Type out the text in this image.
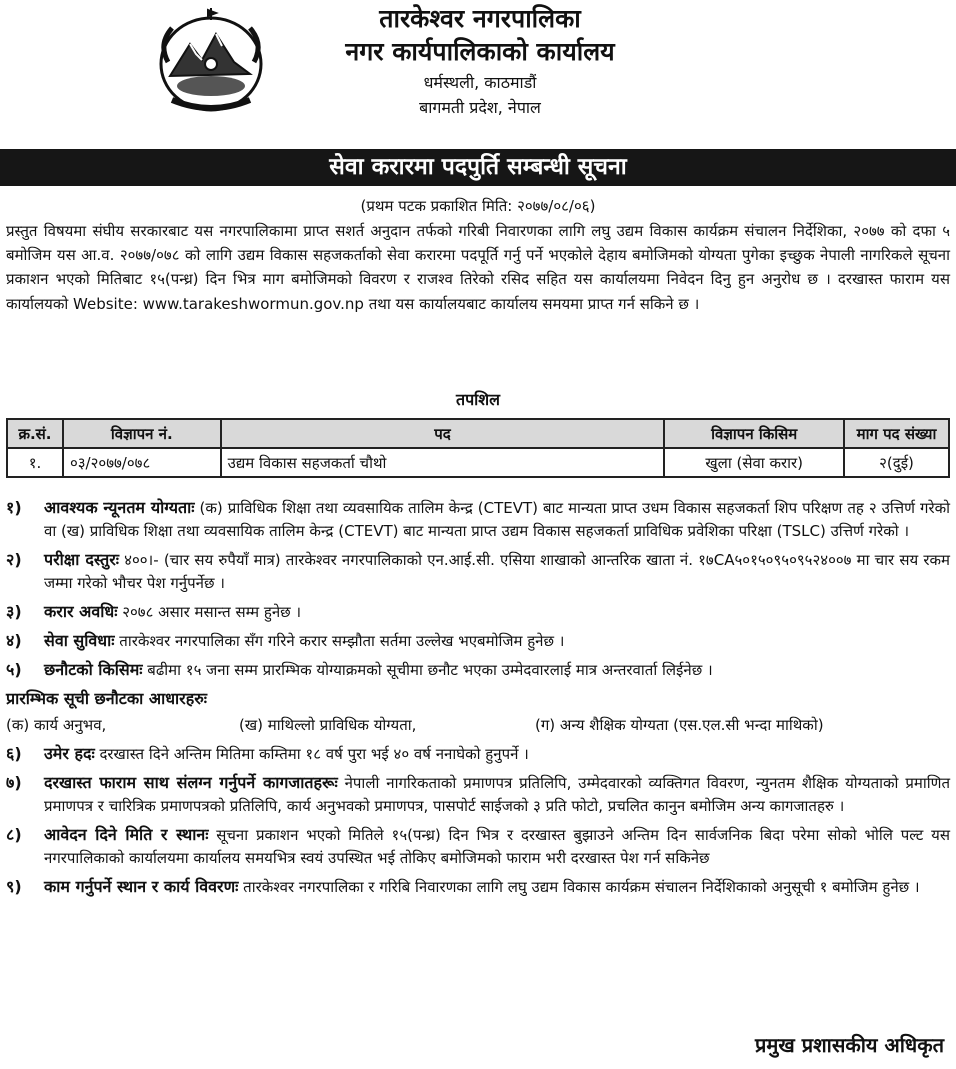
तारकेश्वर नगरपालिका
नगर कार्यपालिकाको कार्यालय
धर्मस्थली, काठमाडौं
बागमती प्रदेश, नेपाल
सेवा करारमा पदपुर्ति सम्बन्धी सूचना
(प्रथम पटक प्रकाशित मिति: २०७७/०८/०६)
प्रस्तुत विषयमा संघीय सरकारबाट यस नगरपालिकामा प्राप्त सशर्त अनुदान तर्फको गरिबी निवारणका लागि लघु उद्यम विकास कार्यक्रम संचालन निर्देशिका, २०७७ को दफा ५ बमोजिम यस आ.व. २०७७/०७८ को लागि उद्यम विकास सहजकर्ताको सेवा करारमा पदपूर्ति गर्नु पर्ने भएकोले देहाय बमोजिमको योग्यता पुगेका इच्छुक नेपाली नागरिकले सूचना प्रकाशन भएको मितिबाट १५(पन्ध्र) दिन भित्र माग बमोजिमको विवरण र राजश्व तिरेको रसिद सहित यस कार्यालयमा निवेदन दिनु हुन अनुरोध छ । दरखास्त फाराम यस कार्यालयको Website: www.tarakeshwormun.gov.np तथा यस कार्यालयबाट कार्यालय समयमा प्राप्त गर्न सकिने छ ।
तपशिल
क्र.सं.	विज्ञापन नं.	पद	विज्ञापन किसिम	माग पद संख्या
१.	०३/२०७७/०७८	उद्यम विकास सहजकर्ता चौथो	खुला (सेवा करार)	२(दुई)
१)	आवश्यक न्यूनतम योग्यताः (क) प्राविधिक शिक्षा तथा व्यवसायिक तालिम केन्द्र (CTEVT) बाट मान्यता प्राप्त उधम विकास सहजकर्ता शिप परिक्षण तह २ उत्तिर्ण गरेको वा (ख) प्राविधिक शिक्षा तथा व्यवसायिक तालिम केन्द्र (CTEVT) बाट मान्यता प्राप्त उद्यम विकास सहजकर्ता प्राविधिक प्रवेशिका परिक्षा (TSLC) उत्तिर्ण गरेको ।
२)	परीक्षा दस्तुरः ४००।- (चार सय रुपैयाँ मात्र) तारकेश्वर नगरपालिकाको एन.आई.सी. एसिया शाखाको आन्तरिक खाता नं. १७CA५०१५०९५०९५२४००७ मा चार सय रकम जम्मा गरेको भौचर पेश गर्नुपर्नेछ ।
३)	करार अवधिः २०७८ असार मसान्त सम्म हुनेछ ।
४)	सेवा सुविधाः तारकेश्वर नगरपालिका सँग गरिने करार सम्झौता सर्तमा उल्लेख भएबमोजिम हुनेछ ।
५)	छनौटको किसिमः बढीमा १५ जना सम्म प्रारम्भिक योग्याक्रमको सूचीमा छनौट भएका उम्मेदवारलाई मात्र अन्तरवार्ता लिईनेछ ।
प्रारम्भिक सूची छनौटका आधारहरुः
(क) कार्य अनुभव,	(ख) माथिल्लो प्राविधिक योग्यता,	(ग) अन्य शैक्षिक योग्यता (एस.एल.सी भन्दा माथिको)
६)	उमेर हदः दरखास्त दिने अन्तिम मितिमा कम्तिमा १८ वर्ष पुरा भई ४० वर्ष ननाघेको हुनुपर्ने ।
७)	दरखास्त फाराम साथ संलग्न गर्नुपर्ने कागजातहरूः नेपाली नागरिकताको प्रमाणपत्र प्रतिलिपि, उम्मेदवारको व्यक्तिगत विवरण, न्युनतम शैक्षिक योग्यताको प्रमाणित प्रमाणपत्र र चारित्रिक प्रमाणपत्रको प्रतिलिपि, कार्य अनुभवको प्रमाणपत्र, पासपोर्ट साईजको ३ प्रति फोटो, प्रचलित कानुन बमोजिम अन्य कागजातहरु ।
८)	आवेदन दिने मिति र स्थानः सूचना प्रकाशन भएको मितिले १५(पन्ध्र) दिन भित्र र दरखास्त बुझाउने अन्तिम दिन सार्वजनिक बिदा परेमा सोको भोलि पल्ट यस नगरपालिकाको कार्यालयमा कार्यालय समयभित्र स्वयं उपस्थित भई तोकिए बमोजिमको फाराम भरी दरखास्त पेश गर्न सकिनेछ
९)	काम गर्नुपर्ने स्थान र कार्य विवरणः तारकेश्वर नगरपालिका र गरिबि निवारणका लागि लघु उद्यम विकास कार्यक्रम संचालन निर्देशिकाको अनुसूची १ बमोजिम हुनेछ ।
प्रमुख प्रशासकीय अधिकृत
